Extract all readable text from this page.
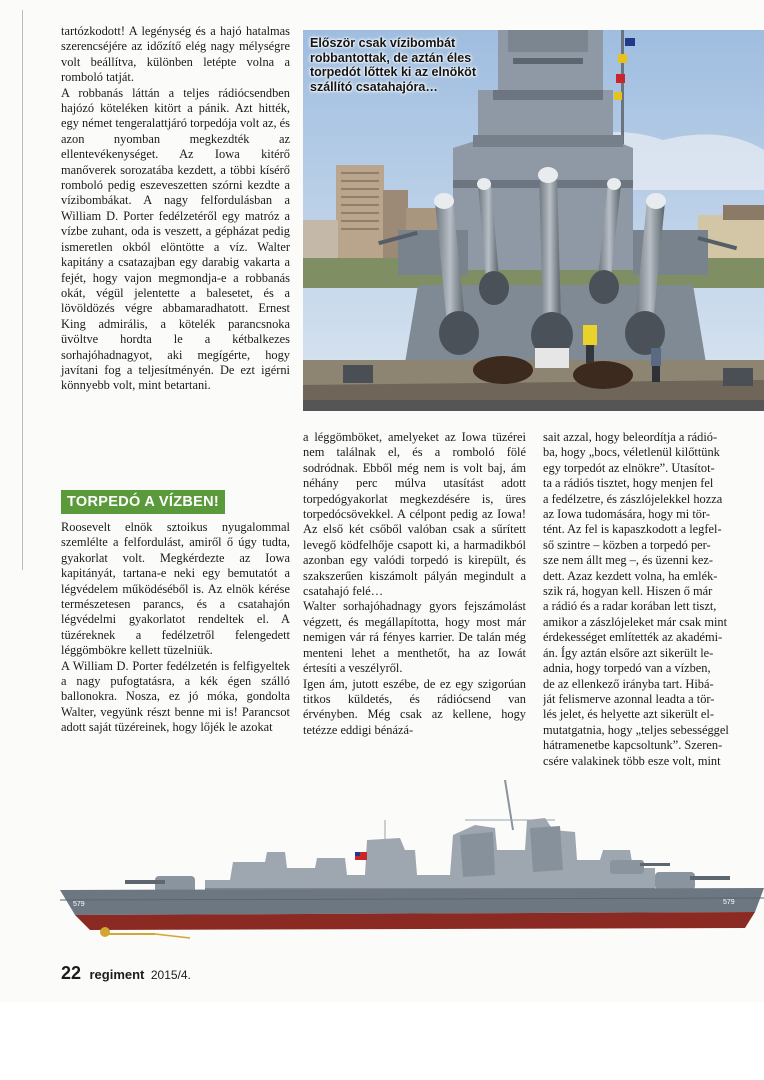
tartózkodott! A legénység és a hajó hatalmas szerencséjére az időzítő elég nagy mélységre volt beállítva, különben letépte volna a romboló tatját.

A robbanás láttán a teljes rádiócsendben hajózó köteléken kitört a pánik. Azt hitték, egy német tengeralattjáró torpedója volt az, és azon nyomban megkezdték az ellentevékenységet. Az Iowa kitérő manőverek sorozatába kezdett, a többi kísérő romboló pedig eszeveszetten szórni kezdte a vízibombákat. A nagy felfordulásban a William D. Porter fedélzetéről egy matróz a vízbe zuhant, oda is veszett, a gépházat pedig ismeretlen okból elöntötte a víz. Walter kapitány a csatazajban egy darabig vakarta a fejét, hogy vajon megmondja-e a robbanás okát, végül jelentette a balesetet, és a lövöldözés végre abbamaradhatott. Ernest King admirális, a kötelék parancsnoka üvöltve hordta le a kétbalkezes sorhajóhadnagyot, aki megígérte, hogy javítani fog a teljesítményén. De ezt igérni könnyebb volt, mint betartani.

TORPEDÓ A VÍZBEN!

Roosevelt elnök sztoikus nyugalommal szemlélte a felfordulást, amiről ő úgy tudta, gyakorlat volt. Megkérdezte az Iowa kapitányát, tartana-e neki egy bemutatót a légvédelem működéséből is. Az elnök kérése természetesen parancs, és a csatahajón légvédelmi gyakorlatot rendeltek el. A tüzéreknek a fedélzetről felengedett léggömbökre kellett tüzelniük.

A William D. Porter fedélzetén is felfigyeltek a nagy pufogtatásra, a kék égen szálló ballonokra. Nosza, ez jó móka, gondolta Walter, vegyünk részt benne mi is! Parancsot adott saját tüzéreinek, hogy lőjék le azokat

Először csak vízibombát robbantottak, de aztán éles torpedót lőttek ki az elnököt szállító csatahajóra…

a léggömböket, amelyeket az Iowa tüzérei nem találnak el, és a romboló fölé sodródnak. Ebből még nem is volt baj, ám néhány perc múlva utasítást adott torpedógyakorlat megkezdésére is, üres torpedócsövekkel. A célpont pedig az Iowa! Az első két csőből valóban csak a sűrített levegő ködfelhője csapott ki, a harmadikból azonban egy valódi torpedó is kirepült, és szakszerűen kiszámolt pályán megindult a csatahajó felé…

Walter sorhajóhadnagy gyors fejszámolást végzett, és megállapította, hogy most már nemigen vár rá fényes karrier. De talán még menteni lehet a menthetőt, ha az Iowát értesíti a veszélyről.

Igen ám, jutott eszébe, de ez egy szigorúan titkos küldetés, és rádiócsend van érvényben. Még csak az kellene, hogy tetézze eddigi bénázá-

sait azzal, hogy beleordítja a rádió-
ba, hogy „bocs, véletlenül kilőttünk
egy torpedót az elnökre”. Utasítot-
ta a rádiós tisztet, hogy menjen fel
a fedélzetre, és zászlójelekkel hozza
az Iowa tudomására, hogy mi tör-
tént. Az fel is kapaszkodott a legfel-
ső szintre – közben a torpedó per-
sze nem állt meg –, és üzenni kez-
dett. Azaz kezdett volna, ha emlék-
szik rá, hogyan kell. Hiszen ő már
a rádió és a radar korában lett tiszt,
amikor a zászlójeleket már csak mint
érdekességet említették az akadémi-
án. Így aztán elsőre azt sikerült le-
adnia, hogy torpedó van a vízben,
de az ellenkező irányba tart. Hibá-
ját felismerve azonnal leadta a tör-
lés jelet, és helyette azt sikerült el-
mutatgatnia, hogy „teljes sebességgel
hátramenetbe kapcsoltunk”. Szeren-
csére valakinek több esze volt, mint
579	579
22 regiment 2015/4.
